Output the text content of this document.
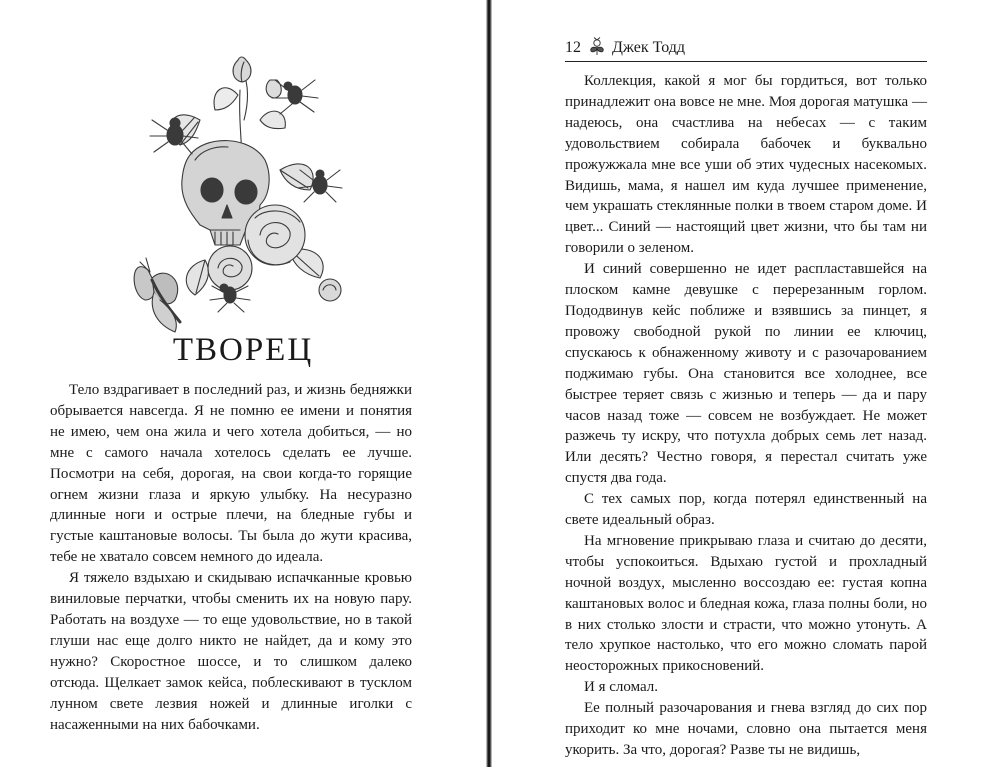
ТВОРЕЦ

Тело вздрагивает в последний раз, и жизнь бедняжки обрывается навсегда. Я не помню ее имени и понятия не имею, чем она жила и чего хотела добиться, — но мне с самого начала хотелось сделать ее лучше. Посмотри на себя, дорогая, на свои когда-то горящие огнем жизни глаза и яркую улыбку. На несуразно длинные ноги и острые плечи, на бледные губы и густые каштановые волосы. Ты была до жути красива, тебе не хватало совсем немного до идеала.

Я тяжело вздыхаю и скидываю испачканные кровью виниловые перчатки, чтобы сменить их на новую пару. Работать на воздухе — то еще удовольствие, но в такой глуши нас еще долго никто не найдет, да и кому это нужно? Скоростное шоссе, и то слишком далеко отсюда. Щелкает замок кейса, поблескивают в тусклом лунном свете лезвия ножей и длинные иголки с насаженными на них бабочками.

12 Джек Тодд

Коллекция, какой я мог бы гордиться, вот только принадлежит она вовсе не мне. Моя дорогая матушка — надеюсь, она счастлива на небесах — с таким удовольствием собирала бабочек и буквально прожужжала мне все уши об этих чудесных насекомых. Видишь, мама, я нашел им куда лучшее применение, чем украшать стеклянные полки в твоем старом доме. И цвет... Синий — настоящий цвет жизни, что бы там ни говорили о зеленом.

И синий совершенно не идет распластавшейся на плоском камне девушке с перерезанным горлом. Пододвинув кейс поближе и взявшись за пинцет, я провожу свободной рукой по линии ее ключиц, спускаюсь к обнаженному животу и с разочарованием поджимаю губы. Она становится все холоднее, все быстрее теряет связь с жизнью и теперь — да и пару часов назад тоже — совсем не возбуждает. Не может разжечь ту искру, что потухла добрых семь лет назад. Или десять? Честно говоря, я перестал считать уже спустя два года.

С тех самых пор, когда потерял единственный на свете идеальный образ.

На мгновение прикрываю глаза и считаю до десяти, чтобы успокоиться. Вдыхаю густой и прохладный ночной воздух, мысленно воссоздаю ее: густая копна каштановых волос и бледная кожа, глаза полны боли, но в них столько злости и страсти, что можно утонуть. А тело хрупкое настолько, что его можно сломать парой неосторожных прикосновений.

И я сломал.

Ее полный разочарования и гнева взгляд до сих пор приходит ко мне ночами, словно она пытается меня укорить. За что, дорогая? Разве ты не видишь,
